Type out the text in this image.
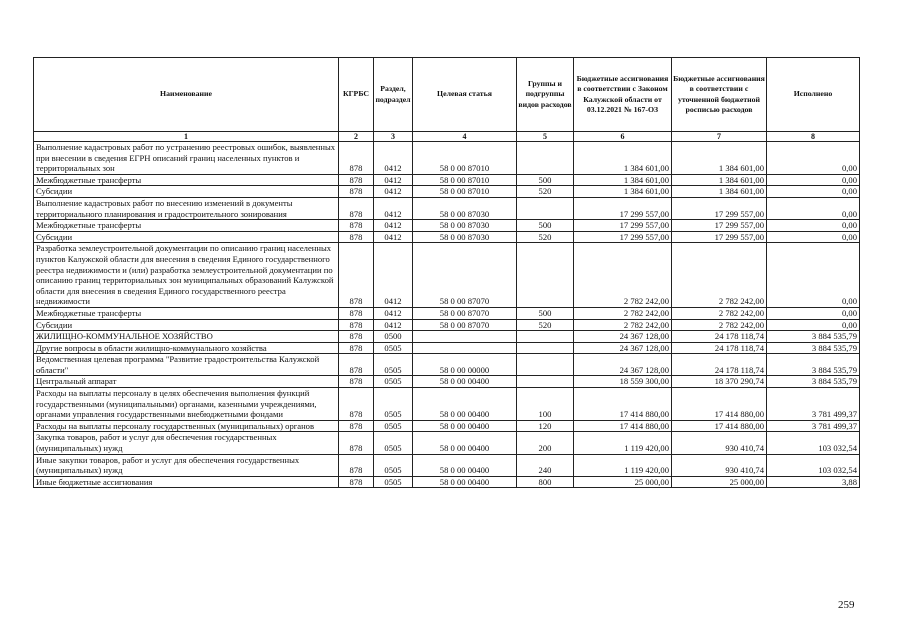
Наименование	КГРБС	Раздел, подраздел	Целевая статья	Группы и подгруппы видов расходов	Бюджетные ассигнования в соответствии с Законом Калужской области от 03.12.2021 № 167-ОЗ	Бюджетные ассигнования в соответствии с уточненной бюджетной росписью расходов	Исполнено
1	2	3	4	5	6	7	8
Выполнение кадастровых работ по устранению реестровых ошибок, выявленных при внесении в сведения ЕГРН описаний границ населенных пунктов и территориальных зон	878	0412	58 0 00 87010		1 384 601,00	1 384 601,00	0,00
Межбюджетные трансферты	878	0412	58 0 00 87010	500	1 384 601,00	1 384 601,00	0,00
Субсидии	878	0412	58 0 00 87010	520	1 384 601,00	1 384 601,00	0,00
Выполнение кадастровых работ по внесению изменений в документы территориального планирования и градостроительного зонирования	878	0412	58 0 00 87030		17 299 557,00	17 299 557,00	0,00
Межбюджетные трансферты	878	0412	58 0 00 87030	500	17 299 557,00	17 299 557,00	0,00
Субсидии	878	0412	58 0 00 87030	520	17 299 557,00	17 299 557,00	0,00
Разработка землеустроительной документации по описанию границ населенных пунктов Калужской области для внесения в сведения Единого государственного реестра недвижимости и (или) разработка землеустроительной документации по описанию границ территориальных зон муниципальных образований Калужской области для внесения в сведения Единого государственного реестра недвижимости	878	0412	58 0 00 87070		2 782 242,00	2 782 242,00	0,00
Межбюджетные трансферты	878	0412	58 0 00 87070	500	2 782 242,00	2 782 242,00	0,00
Субсидии	878	0412	58 0 00 87070	520	2 782 242,00	2 782 242,00	0,00
ЖИЛИЩНО-КОММУНАЛЬНОЕ ХОЗЯЙСТВО	878	0500			24 367 128,00	24 178 118,74	3 884 535,79
Другие вопросы в области жилищно-коммунального хозяйства	878	0505			24 367 128,00	24 178 118,74	3 884 535,79
Ведомственная целевая программа "Развитие градостроительства Калужской области"	878	0505	58 0 00 00000		24 367 128,00	24 178 118,74	3 884 535,79
Центральный аппарат	878	0505	58 0 00 00400		18 559 300,00	18 370 290,74	3 884 535,79
Расходы на выплаты персоналу в целях обеспечения выполнения функций государственными (муниципальными) органами, казенными учреждениями, органами управления государственными внебюджетными фондами	878	0505	58 0 00 00400	100	17 414 880,00	17 414 880,00	3 781 499,37
Расходы на выплаты персоналу государственных (муниципальных) органов	878	0505	58 0 00 00400	120	17 414 880,00	17 414 880,00	3 781 499,37
Закупка товаров, работ и услуг для обеспечения государственных (муниципальных) нужд	878	0505	58 0 00 00400	200	1 119 420,00	930 410,74	103 032,54
Иные закупки товаров, работ и услуг для обеспечения государственных (муниципальных) нужд	878	0505	58 0 00 00400	240	1 119 420,00	930 410,74	103 032,54
Иные бюджетные ассигнования	878	0505	58 0 00 00400	800	25 000,00	25 000,00	3,88
259
